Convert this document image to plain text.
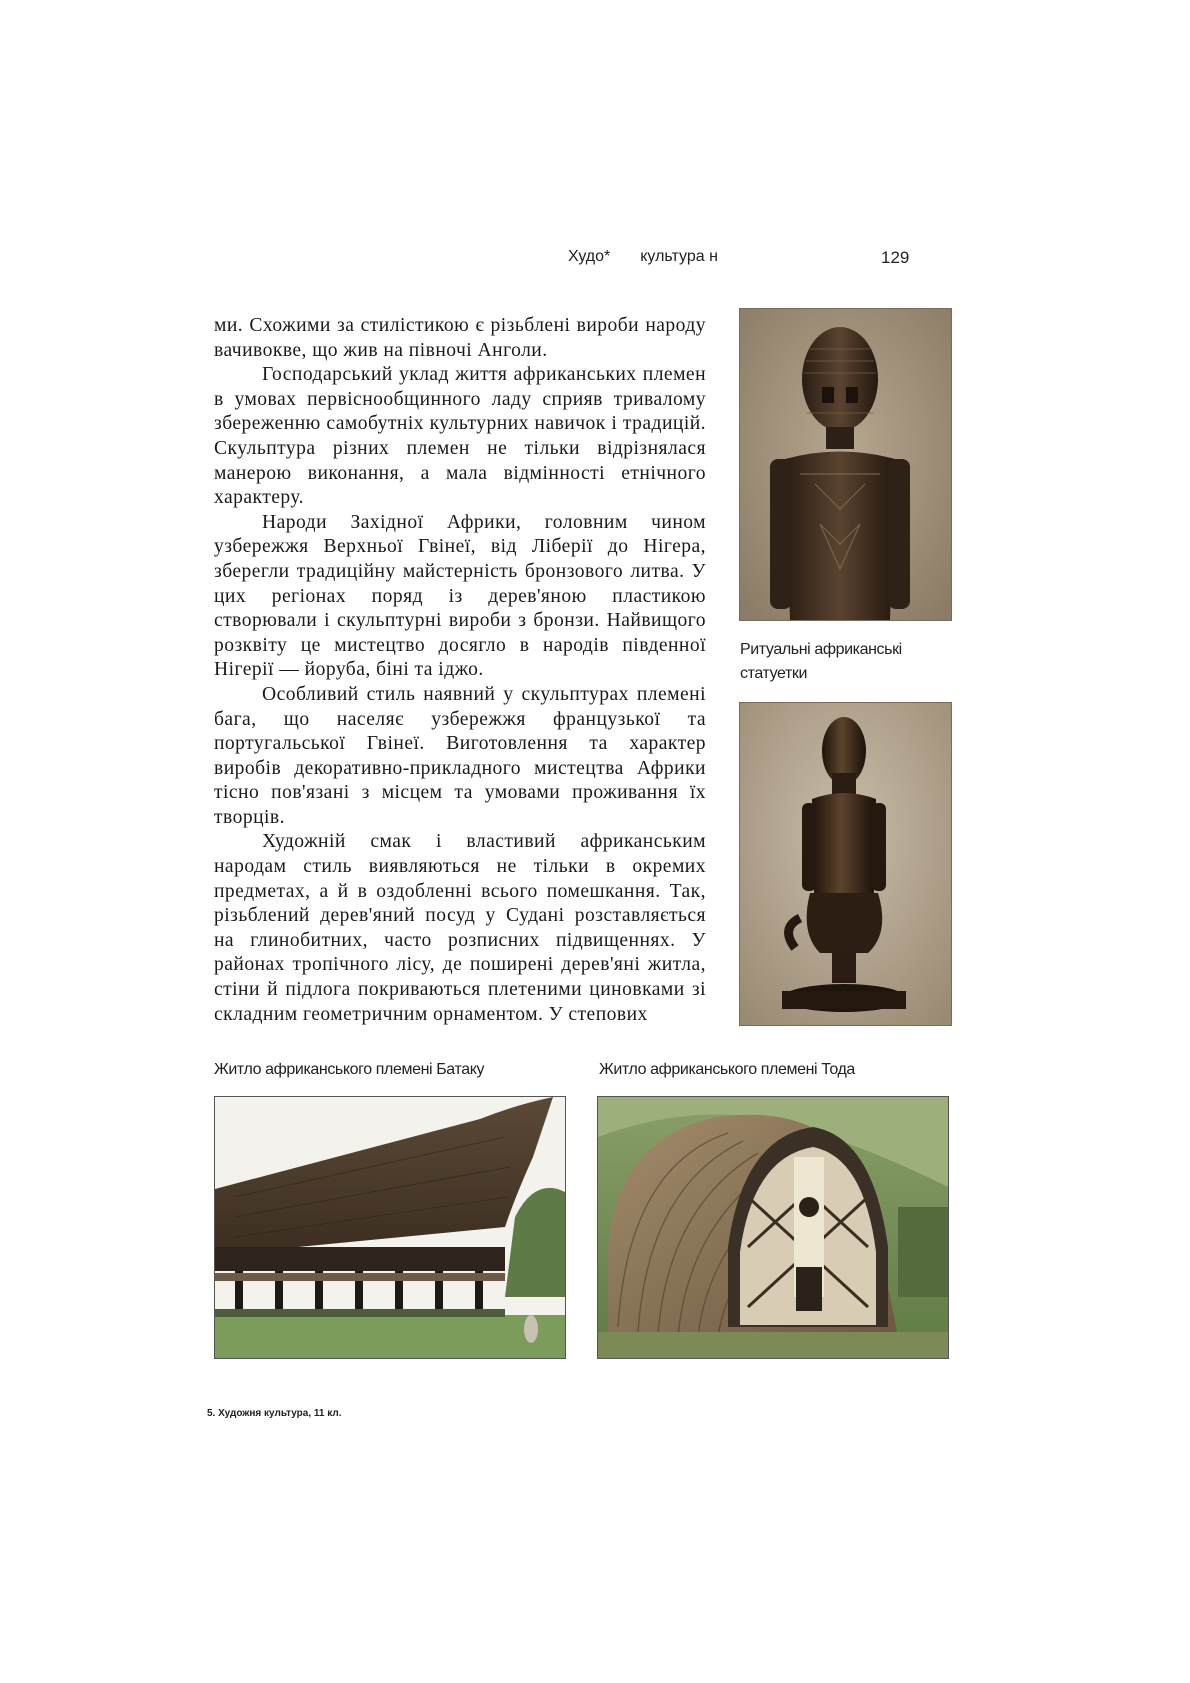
Худо* культура н	129

ми. Схожими за стилістикою є різьблені вироби народу вачивокве, що жив на півночі Анголи.

Господарський уклад життя африканських племен в умовах первіснообщинного ладу сприяв тривалому збереженню самобутніх культурних навичок і традицій. Скульптура різних племен не тільки відрізнялася манерою виконання, а мала відмінності етнічного характеру.

Народи Західної Африки, головним чином узбережжя Верхньої Гвінеї, від Ліберії до Нігера, зберегли традиційну майстерність бронзового литва. У цих регіонах поряд із дерев'яною пластикою створювали і скульптурні вироби з бронзи. Найвищого розквіту це мистецтво досягло в народів південної Нігерії — йоруба, біні та іджо.

Особливий стиль наявний у скульптурах племені бага, що населяє узбережжя французької та португальської Гвінеї. Виготовлення та характер виробів декоративно-прикладного мистецтва Африки тісно пов'язані з місцем та умовами проживання їх творців.

Художній смак і властивий африканським народам стиль виявляються не тільки в окремих предметах, а й в оздобленні всього помешкання. Так, різьблений дерев'яний посуд у Судані розставляється на глинобитних, часто розписних підвищеннях. У районах тропічного лісу, де поширені дерев'яні житла, стіни й підлога покриваються плетеними циновками зі складним геометричним орнаментом. У степових

Ритуальні африканські статуетки
Житло африканського племені Батаку	Житло африканського племені Тода
5. Художня культура, 11 кл.
